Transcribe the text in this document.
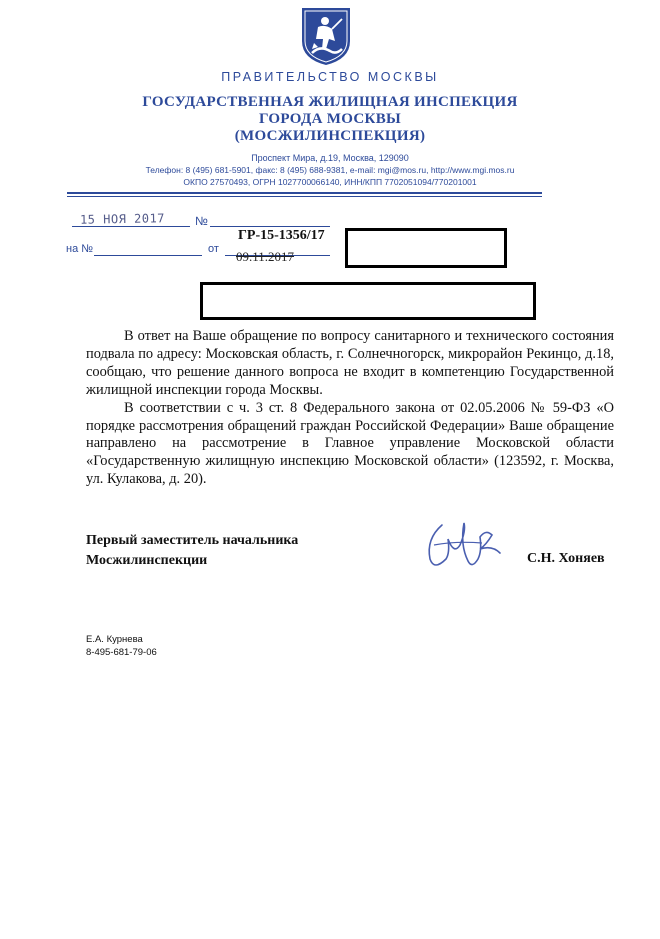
ПРАВИТЕЛЬСТВО МОСКВЫ
ГОСУДАРСТВЕННАЯ ЖИЛИЩНАЯ ИНСПЕКЦИЯ
ГОРОДА МОСКВЫ
(МОСЖИЛИНСПЕКЦИЯ)
Проспект Мира, д.19, Москва, 129090
Телефон: 8 (495) 681-5901, факс: 8 (495) 688-9381, e-mail: mgi@mos.ru, http://www.mgi.mos.ru
ОКПО 27570493, ОГРН 1027700066140, ИНН/КПП 7702051094/770201001
15 НОЯ 2017 №
на №	от
ГР-15-1356/17
09.11.2017

В ответ на Ваше обращение по вопросу санитарного и технического состояния подвала по адресу: Московская область, г. Солнечногорск, микрорайон Рекинцо, д.18, сообщаю, что решение данного вопроса не входит в компетенцию Государственной жилищной инспекции города Москвы.

В соответствии с ч. 3 ст. 8 Федерального закона от 02.05.2006 № 59-ФЗ «О порядке рассмотрения обращений граждан Российской Федерации» Ваше обращение направлено на рассмотрение в Главное управление Московской области «Государственную жилищную инспекцию Московской области» (123592, г. Москва, ул. Кулакова, д. 20).

Первый заместитель начальника
Мосжилинспекции	С.Н. Хоняев
Е.А. Курнева
8-495-681-79-06
